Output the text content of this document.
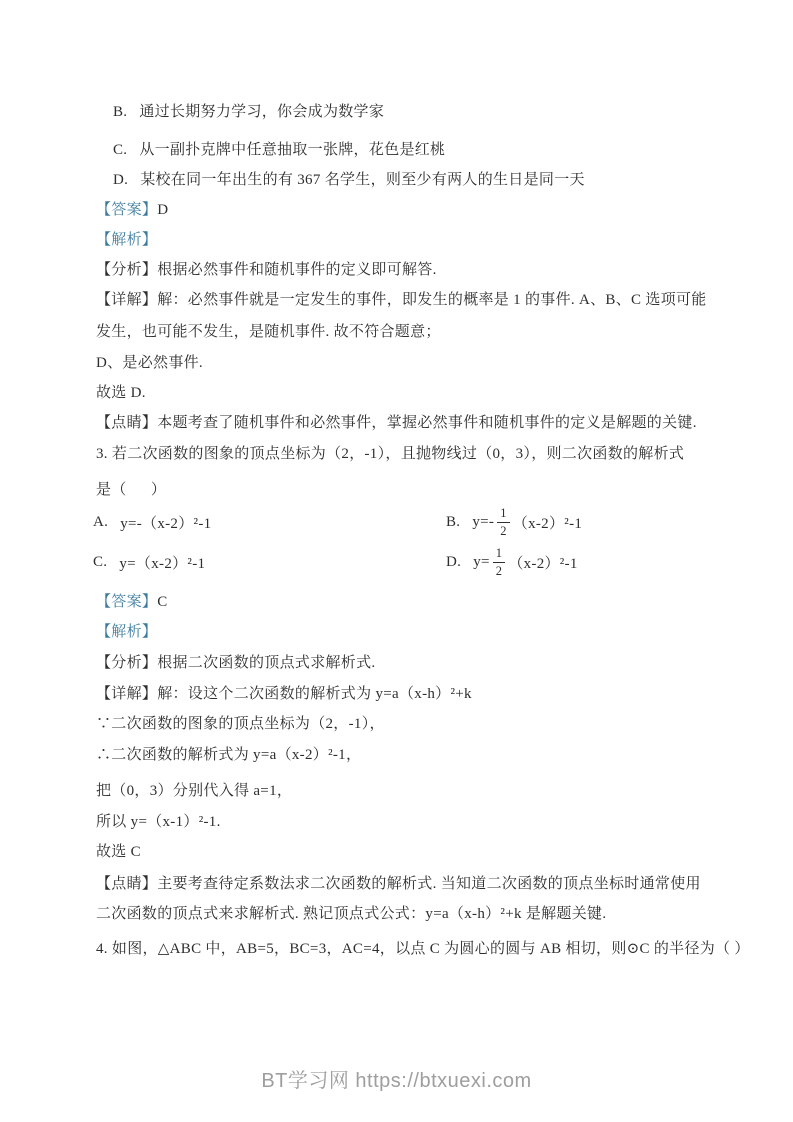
B. 通过长期努力学习，你会成为数学家
C. 从一副扑克牌中任意抽取一张牌，花色是红桃
D. 某校在同一年出生的有 367 名学生，则至少有两人的生日是同一天
【答案】D
【解析】
【分析】根据必然事件和随机事件的定义即可解答.
【详解】解：必然事件就是一定发生的事件，即发生的概率是 1 的事件. A、B、C 选项可能
发生，也可能不发生，是随机事件. 故不符合题意；
D、是必然事件.
故选 D.
【点睛】本题考查了随机事件和必然事件，掌握必然事件和随机事件的定义是解题的关键.
3. 若二次函数的图象的顶点坐标为（2，-1），且抛物线过（0，3），则二次函数的解析式
是（      ）
A. y=-（x-2）²-1	B. $y=- \frac{1}{2} (x-2)^2-1$
C. y=（x-2）²-1	D. $y= \frac{1}{2} (x-2)^2-1$
【答案】C
【解析】
【分析】根据二次函数的顶点式求解析式.
【详解】解：设这个二次函数的解析式为 y=a（x-h）²+k
∵二次函数的图象的顶点坐标为（2，-1），
∴二次函数的解析式为 y=a（x-2）²-1，
把（0，3）分别代入得 a=1，
所以 y=（x-1）²-1.
故选 C
【点睛】主要考查待定系数法求二次函数的解析式. 当知道二次函数的顶点坐标时通常使用
二次函数的顶点式来求解析式. 熟记顶点式公式：y=a（x-h）²+k 是解题关键.
4. 如图，△ABC 中，AB=5，BC=3，AC=4，以点 C 为圆心的圆与 AB 相切，则⊙C 的半径为（ ）
BT学习网 https://btxuexi.com
